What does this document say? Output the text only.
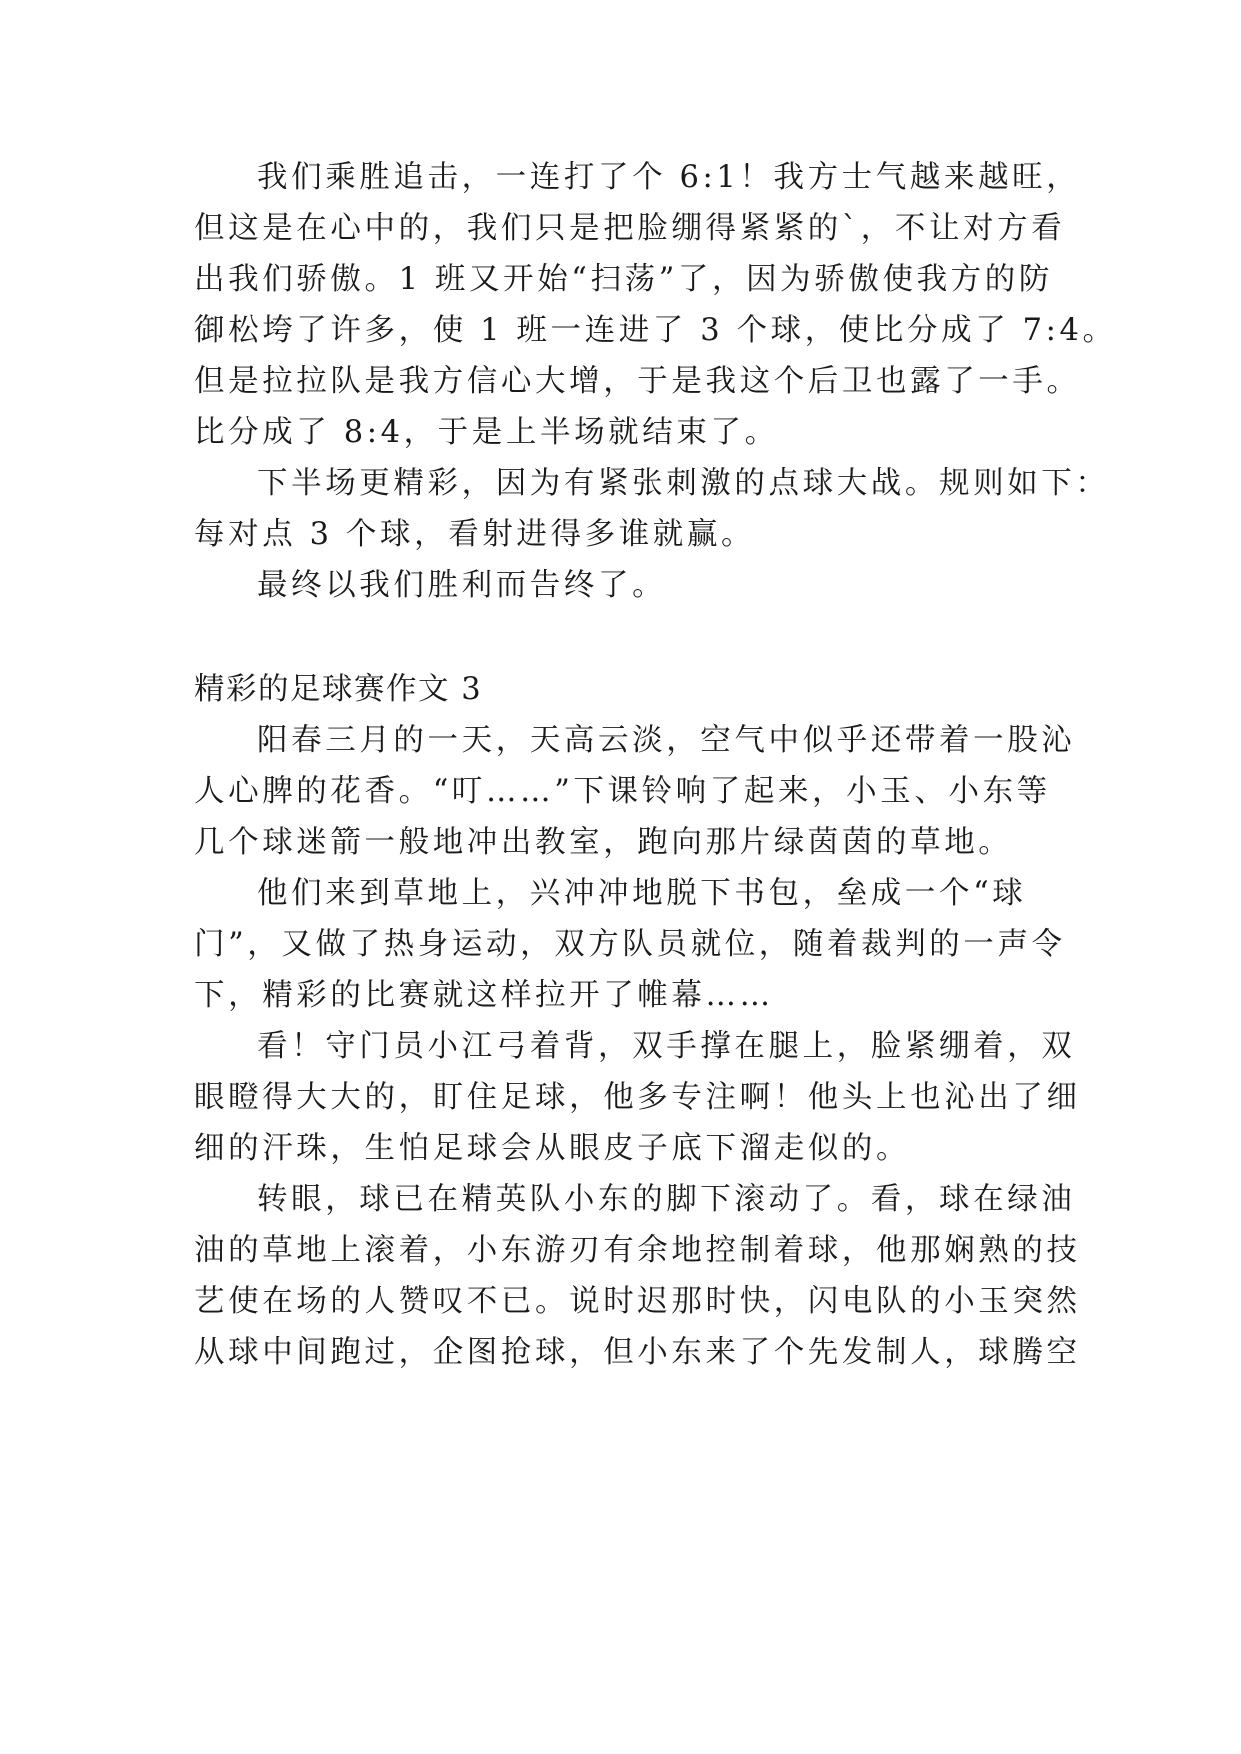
我们乘胜追击，一连打了个 6:1！我方士气越来越旺，
但这是在心中的，我们只是把脸绷得紧紧的`，不让对方看
出我们骄傲。1 班又开始“扫荡”了，因为骄傲使我方的防
御松垮了许多，使 1 班一连进了 3 个球，使比分成了 7:4。
但是拉拉队是我方信心大增，于是我这个后卫也露了一手。
比分成了 8:4，于是上半场就结束了。
下半场更精彩，因为有紧张刺激的点球大战。规则如下：
每对点 3 个球，看射进得多谁就赢。
最终以我们胜利而告终了。
精彩的足球赛作文 3
阳春三月的一天，天高云淡，空气中似乎还带着一股沁
人心脾的花香。“叮……”下课铃响了起来，小玉、小东等
几个球迷箭一般地冲出教室，跑向那片绿茵茵的草地。
他们来到草地上，兴冲冲地脱下书包，垒成一个“球
门”，又做了热身运动，双方队员就位，随着裁判的一声令
下，精彩的比赛就这样拉开了帷幕……
看！守门员小江弓着背，双手撑在腿上，脸紧绷着，双
眼瞪得大大的，盯住足球，他多专注啊！他头上也沁出了细
细的汗珠，生怕足球会从眼皮子底下溜走似的。
转眼，球已在精英队小东的脚下滚动了。看，球在绿油
油的草地上滚着，小东游刃有余地控制着球，他那娴熟的技
艺使在场的人赞叹不已。说时迟那时快，闪电队的小玉突然
从球中间跑过，企图抢球，但小东来了个先发制人，球腾空
